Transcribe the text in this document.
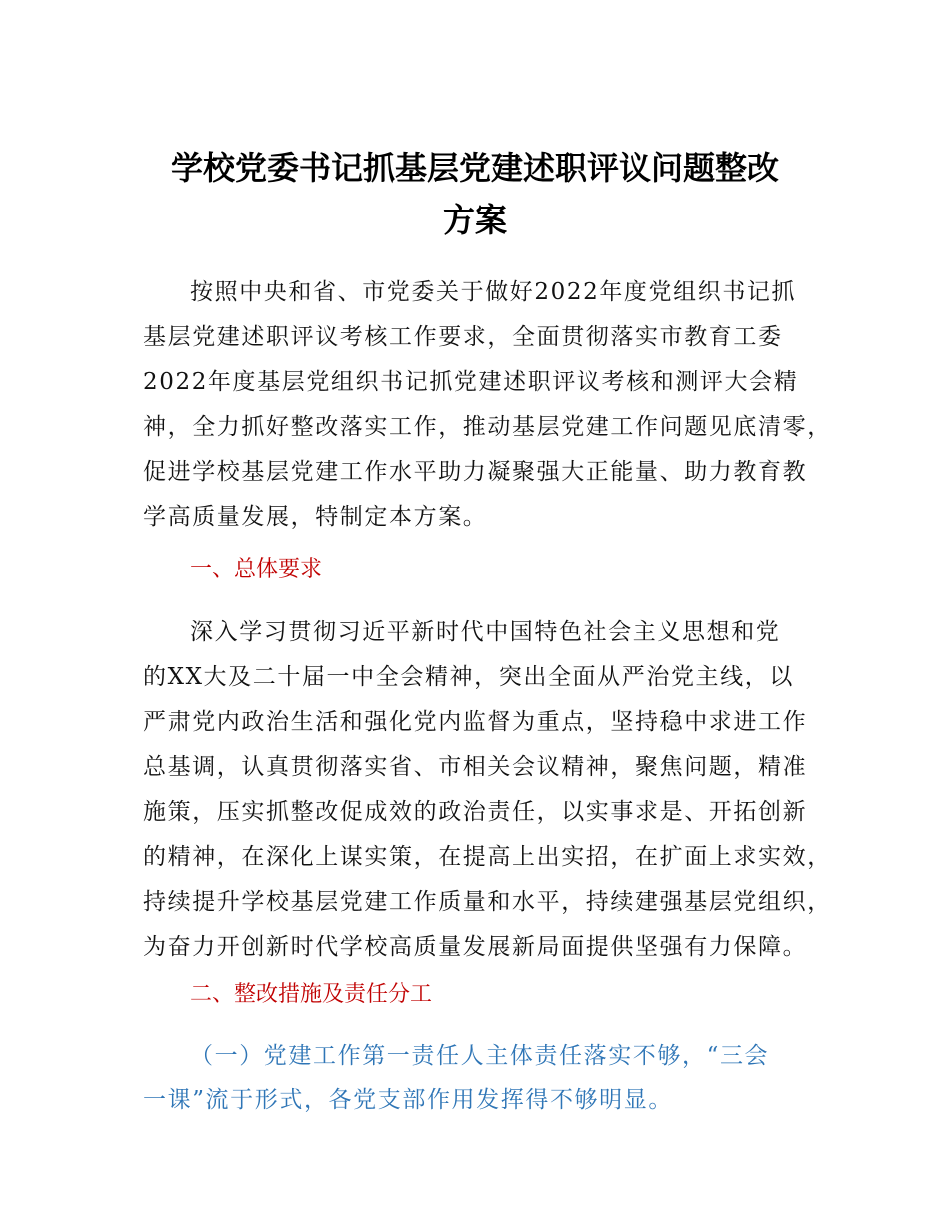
学校党委书记抓基层党建述职评议问题整改
方案
按照中央和省、市党委关于做好2022年度党组织书记抓
基层党建述职评议考核工作要求，全面贯彻落实市教育工委
2022年度基层党组织书记抓党建述职评议考核和测评大会精
神，全力抓好整改落实工作，推动基层党建工作问题见底清零，
促进学校基层党建工作水平助力凝聚强大正能量、助力教育教
学高质量发展，特制定本方案。
一、总体要求
深入学习贯彻习近平新时代中国特色社会主义思想和党
的XX大及二十届一中全会精神，突出全面从严治党主线，以
严肃党内政治生活和强化党内监督为重点，坚持稳中求进工作
总基调，认真贯彻落实省、市相关会议精神，聚焦问题，精准
施策，压实抓整改促成效的政治责任，以实事求是、开拓创新
的精神，在深化上谋实策，在提高上出实招，在扩面上求实效，
持续提升学校基层党建工作质量和水平，持续建强基层党组织，
为奋力开创新时代学校高质量发展新局面提供坚强有力保障。
二、整改措施及责任分工
（一）党建工作第一责任人主体责任落实不够，“三会
一课”流于形式，各党支部作用发挥得不够明显。
